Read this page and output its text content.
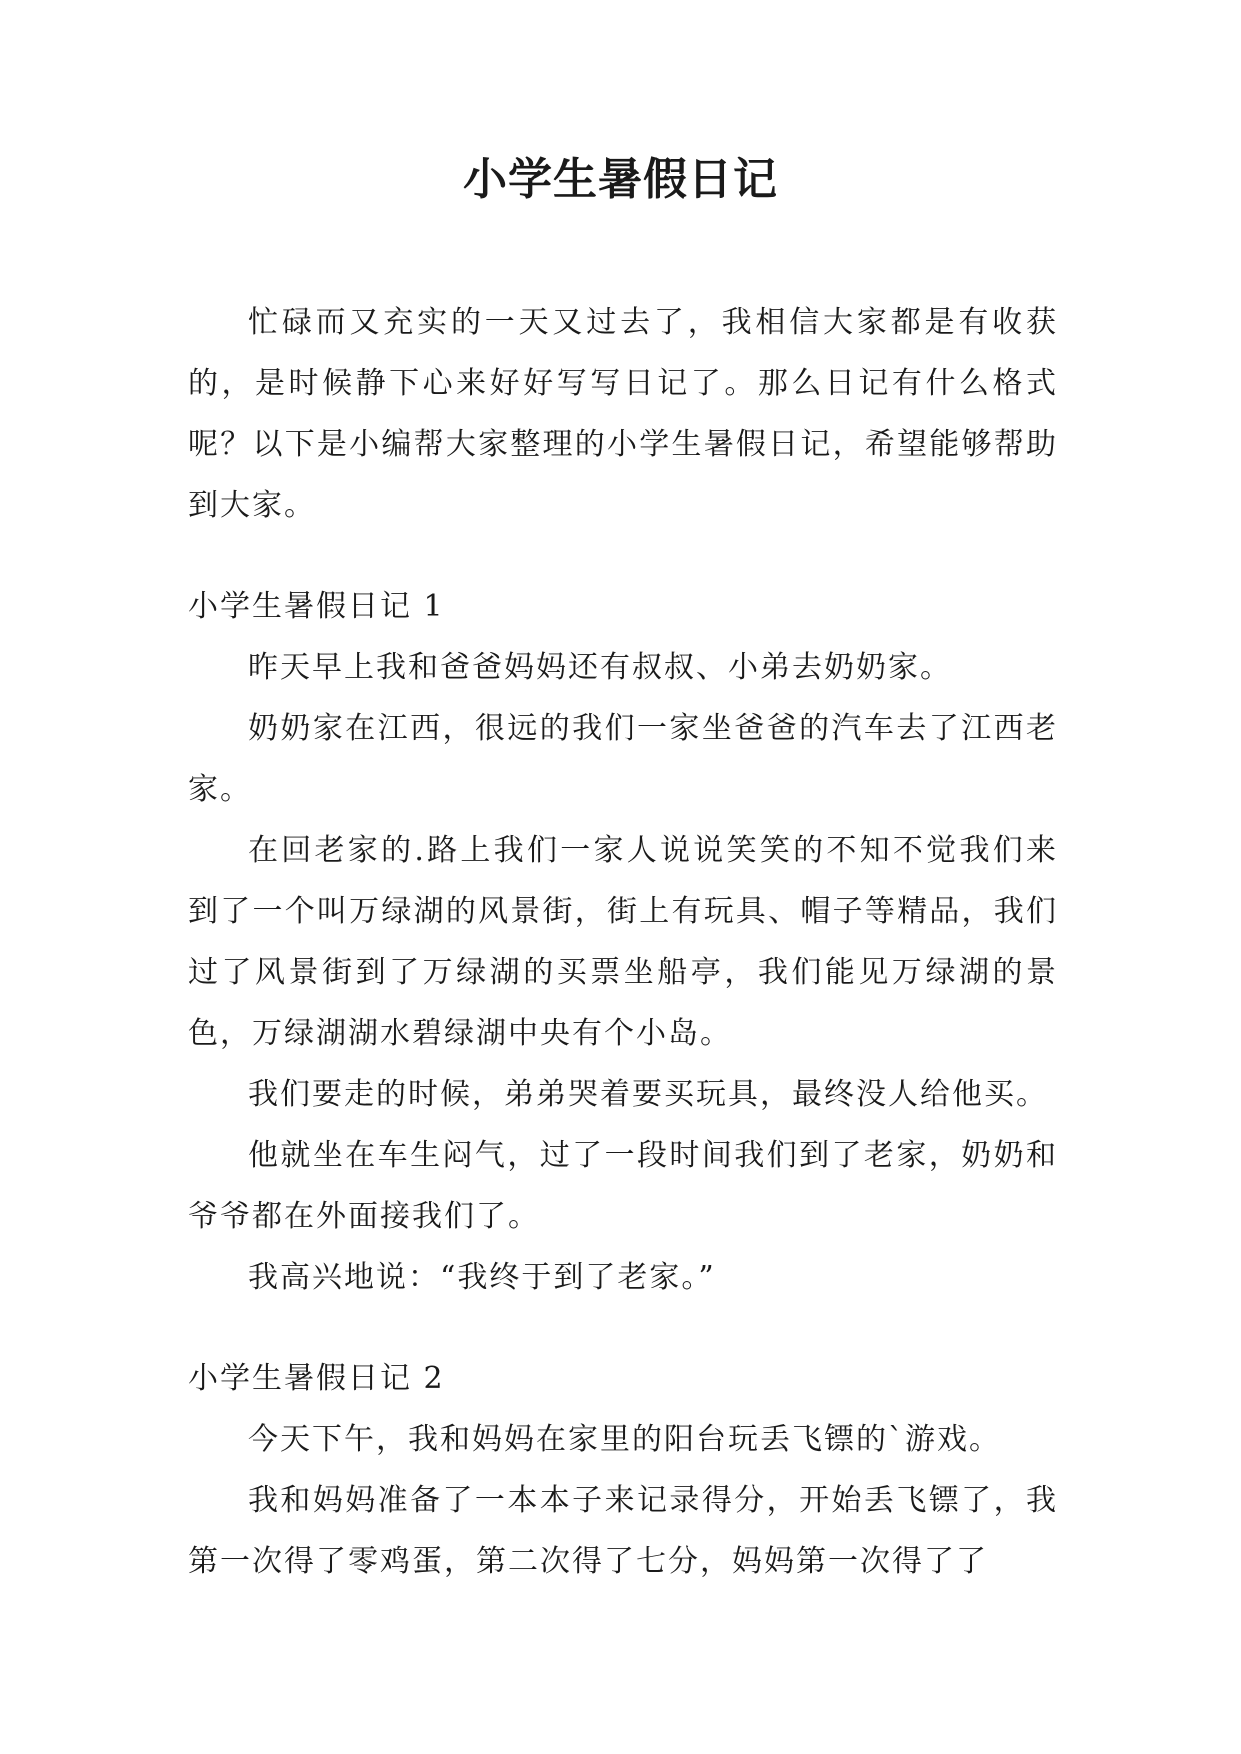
小学生暑假日记

忙碌而又充实的一天又过去了，我相信大家都是有收获的，是时候静下心来好好写写日记了。那么日记有什么格式呢？以下是小编帮大家整理的小学生暑假日记，希望能够帮助到大家。

小学生暑假日记 1

昨天早上我和爸爸妈妈还有叔叔、小弟去奶奶家。

奶奶家在江西，很远的我们一家坐爸爸的汽车去了江西老家。

在回老家的.路上我们一家人说说笑笑的不知不觉我们来到了一个叫万绿湖的风景街，街上有玩具、帽子等精品，我们过了风景街到了万绿湖的买票坐船亭，我们能见万绿湖的景色，万绿湖湖水碧绿湖中央有个小岛。

我们要走的时候，弟弟哭着要买玩具，最终没人给他买。

他就坐在车生闷气，过了一段时间我们到了老家，奶奶和爷爷都在外面接我们了。

我高兴地说：“我终于到了老家。”

小学生暑假日记 2

今天下午，我和妈妈在家里的阳台玩丢飞镖的`游戏。

我和妈妈准备了一本本子来记录得分，开始丢飞镖了，我第一次得了零鸡蛋，第二次得了七分，妈妈第一次得了了
